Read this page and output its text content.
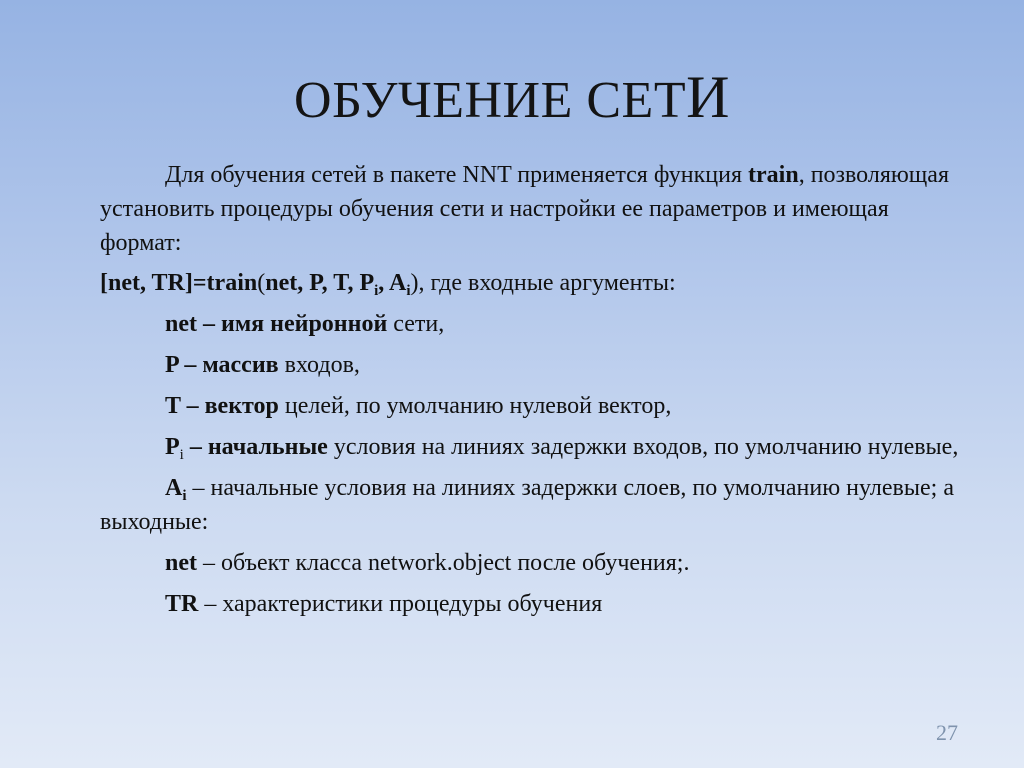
ОБУЧЕНИЕ СЕТИ

Для обучения сетей в пакете NNT применяется функция train, позволяющая установить процедуры обучения сети и настройки ее параметров и имеющая формат:

[net, TR]=train(net, P, T, $P_i$, $A_i$), где входные аргументы:

net – имя нейронной сети,

P – массив входов,

T – вектор целей, по умолчанию нулевой вектор,

$P_i$ – начальные условия на линиях задержки входов, по умолчанию нулевые,

$A_i$ – начальные условия на линиях задержки слоев, по умолчанию нулевые; а выходные:

net – объект класса network.object после обучения;.

TR – характеристики процедуры обучения

27
